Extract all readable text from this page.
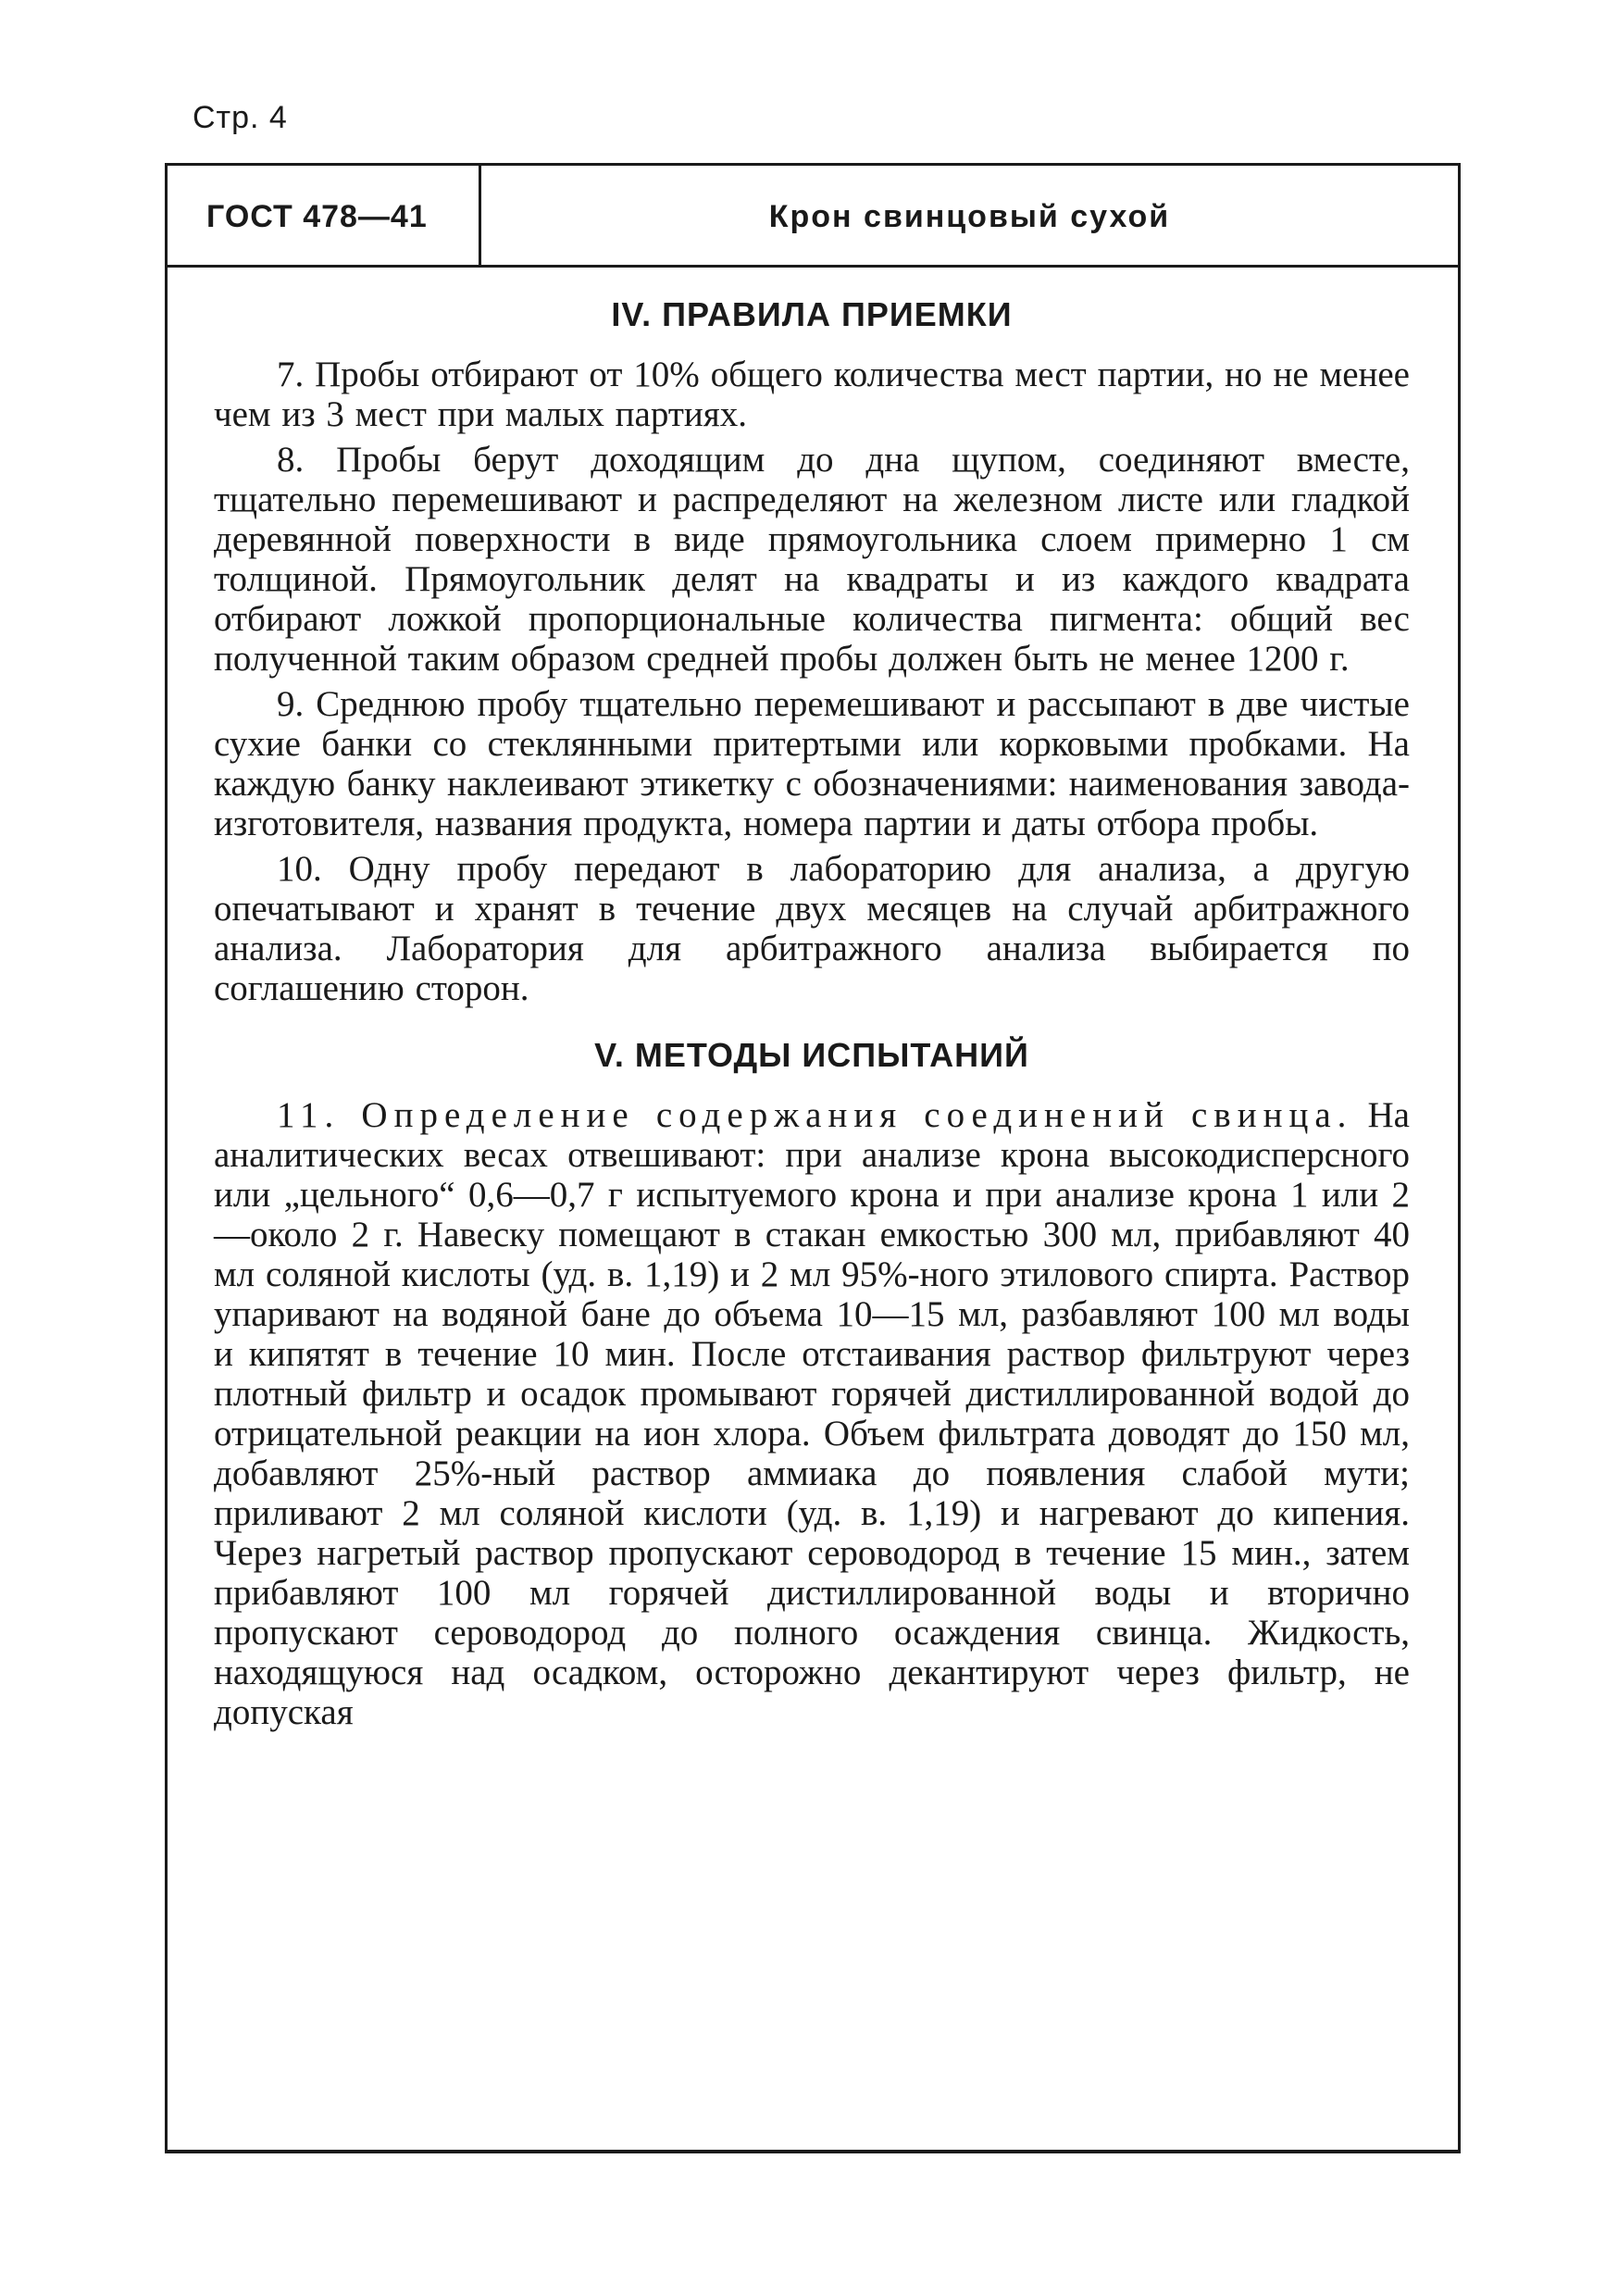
Стр. 4
ГОСТ 478—41	Крон свинцовый сухой
IV. ПРАВИЛА ПРИЕМКИ

7. Пробы отбирают от 10% общего количества мест партии, но не менее чем из 3 мест при малых партиях.

8. Пробы берут доходящим до дна щупом, соединяют вместе, тщательно перемешивают и распределяют на железном листе или гладкой деревянной поверхности в виде прямоугольника слоем примерно 1 см толщиной. Прямоугольник делят на квадраты и из каждого квадрата отбирают ложкой пропорциональные количества пигмента: общий вес полученной таким образом средней пробы должен быть не менее 1200 г.

9. Среднюю пробу тщательно перемешивают и рассыпают в две чистые сухие банки со стеклянными притертыми или корковыми пробками. На каждую банку наклеивают этикетку с обозначениями: наименования завода-изготовителя, названия продукта, номера партии и даты отбора пробы.

10. Одну пробу передают в лабораторию для анализа, а другую опечатывают и хранят в течение двух месяцев на случай арбитражного анализа. Лаборатория для арбитражного анализа выбирается по соглашению сторон.

V. МЕТОДЫ ИСПЫТАНИЙ

11. Определение содержания соединений свинца. На аналитических весах отвешивают: при анализе крона высокодисперсного или „цельного“ 0,6—0,7 г испытуемого крона и при анализе крона 1 или 2—около 2 г. Навеску помещают в стакан емкостью 300 мл, прибавляют 40 мл соляной кислоты (уд. в. 1,19) и 2 мл 95%-ного этилового спирта. Раствор упаривают на водяной бане до объема 10—15 мл, разбавляют 100 мл воды и кипятят в течение 10 мин. После отстаивания раствор фильтруют через плотный фильтр и осадок промывают горячей дистиллированной водой до отрицательной реакции на ион хлора. Объем фильтрата доводят до 150 мл, добавляют 25%-ный раствор аммиака до появления слабой мути; приливают 2 мл соляной кислоти (уд. в. 1,19) и нагревают до кипения. Через нагретый раствор пропускают сероводород в течение 15 мин., затем прибавляют 100 мл горячей дистиллированной воды и вторично пропускают сероводород до полного осаждения свинца. Жидкость, находящуюся над осадком, осторожно декантируют через фильтр, не допуская
